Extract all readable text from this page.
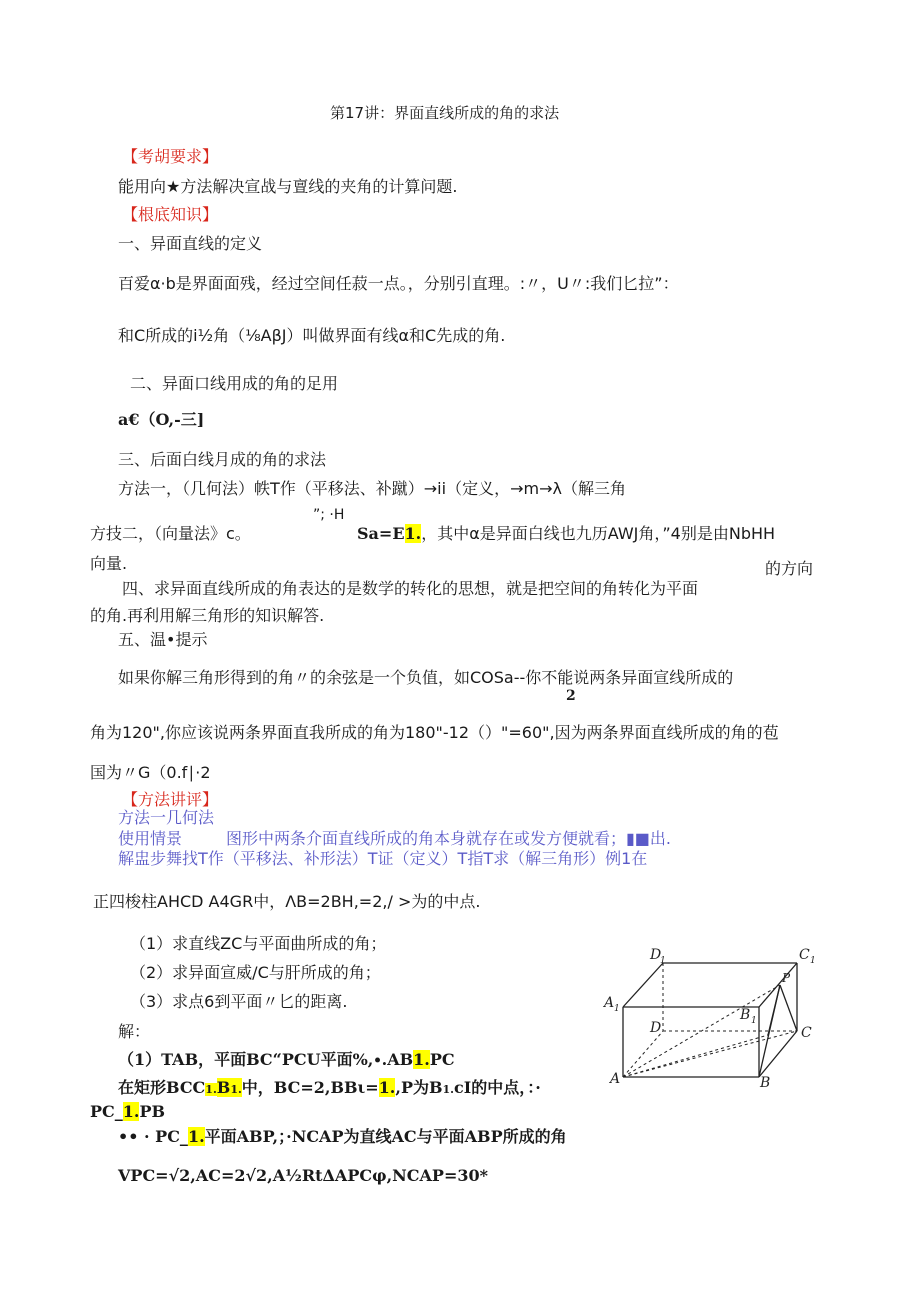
第17讲：界面直线所成的角的求法
【考胡要求】
能用向★方法解决宣战与亶线的夹角的计算问题.
【根底知识】
一、异面直线的定义
百爱α·b是界面面残，经过空间任菽一点。，分别引直理。:〃，U〃:我们匕拉”：
和C所成的i½角（⅛AβJ）叫做界面有线α和C先成的角.
二、异面口线用成的角的足用
a€（O,-三]
三、后面白线月成的角的求法
方法一，（几何法）帙T作（平移法、补蹴）→ii（定义，→m→λ（解三角
”; ·H
方技二，（向量法》c。	Sa=E1.，其中α是异面白线也九历AWJ角，”4别是由NbHH
向量.	的方向
四、求异面直线所成的角表达的是数学的转化的思想，就是把空间的角转化为平面
的角.再利用解三角形的知识解答.
五、温•提示
如果你解三角形得到的角〃的余弦是一个负值，如COSa--你不能说两条异面宣线所成的
2
角为120",你应该说两条界面直我所成的角为180"-12（）"=60",因为两条界面直线所成的角的苞
国为〃G（0.f∣·2
【方法讲评】
方法一几何法
使用情景	图形中两条介面直线所成的角本身就存在或发方便就看；▮■出.
解盅步舞找T作（平移法、补形法）T证（定义）T指T求（解三角形）例1在
正四梭柱AHCD A4GR中，ΛB=2BH,=2,/ >为的中点.
（1）求直线ZC与平面曲所成的角；
（2）求异面宣威/C与肝所成的角；
（3）求点6到平面〃匕的距离.
解：
（1）TAB，平面BC“PCU平面%,∙.AB1.PC
在矩形BCC1.B1.中，BC=2,BBι=1.,P为B1.cI的中点，：·
PC_1.PB
•• · PC_1.平面ABP,；·NCAP为直线AC与平面ABP所成的角
VPC=√2,AC=2√2,A½RtΔAPCφ,NCAP=30*
D
1	C 1
P
A 1	B 1
D	C
A	B
